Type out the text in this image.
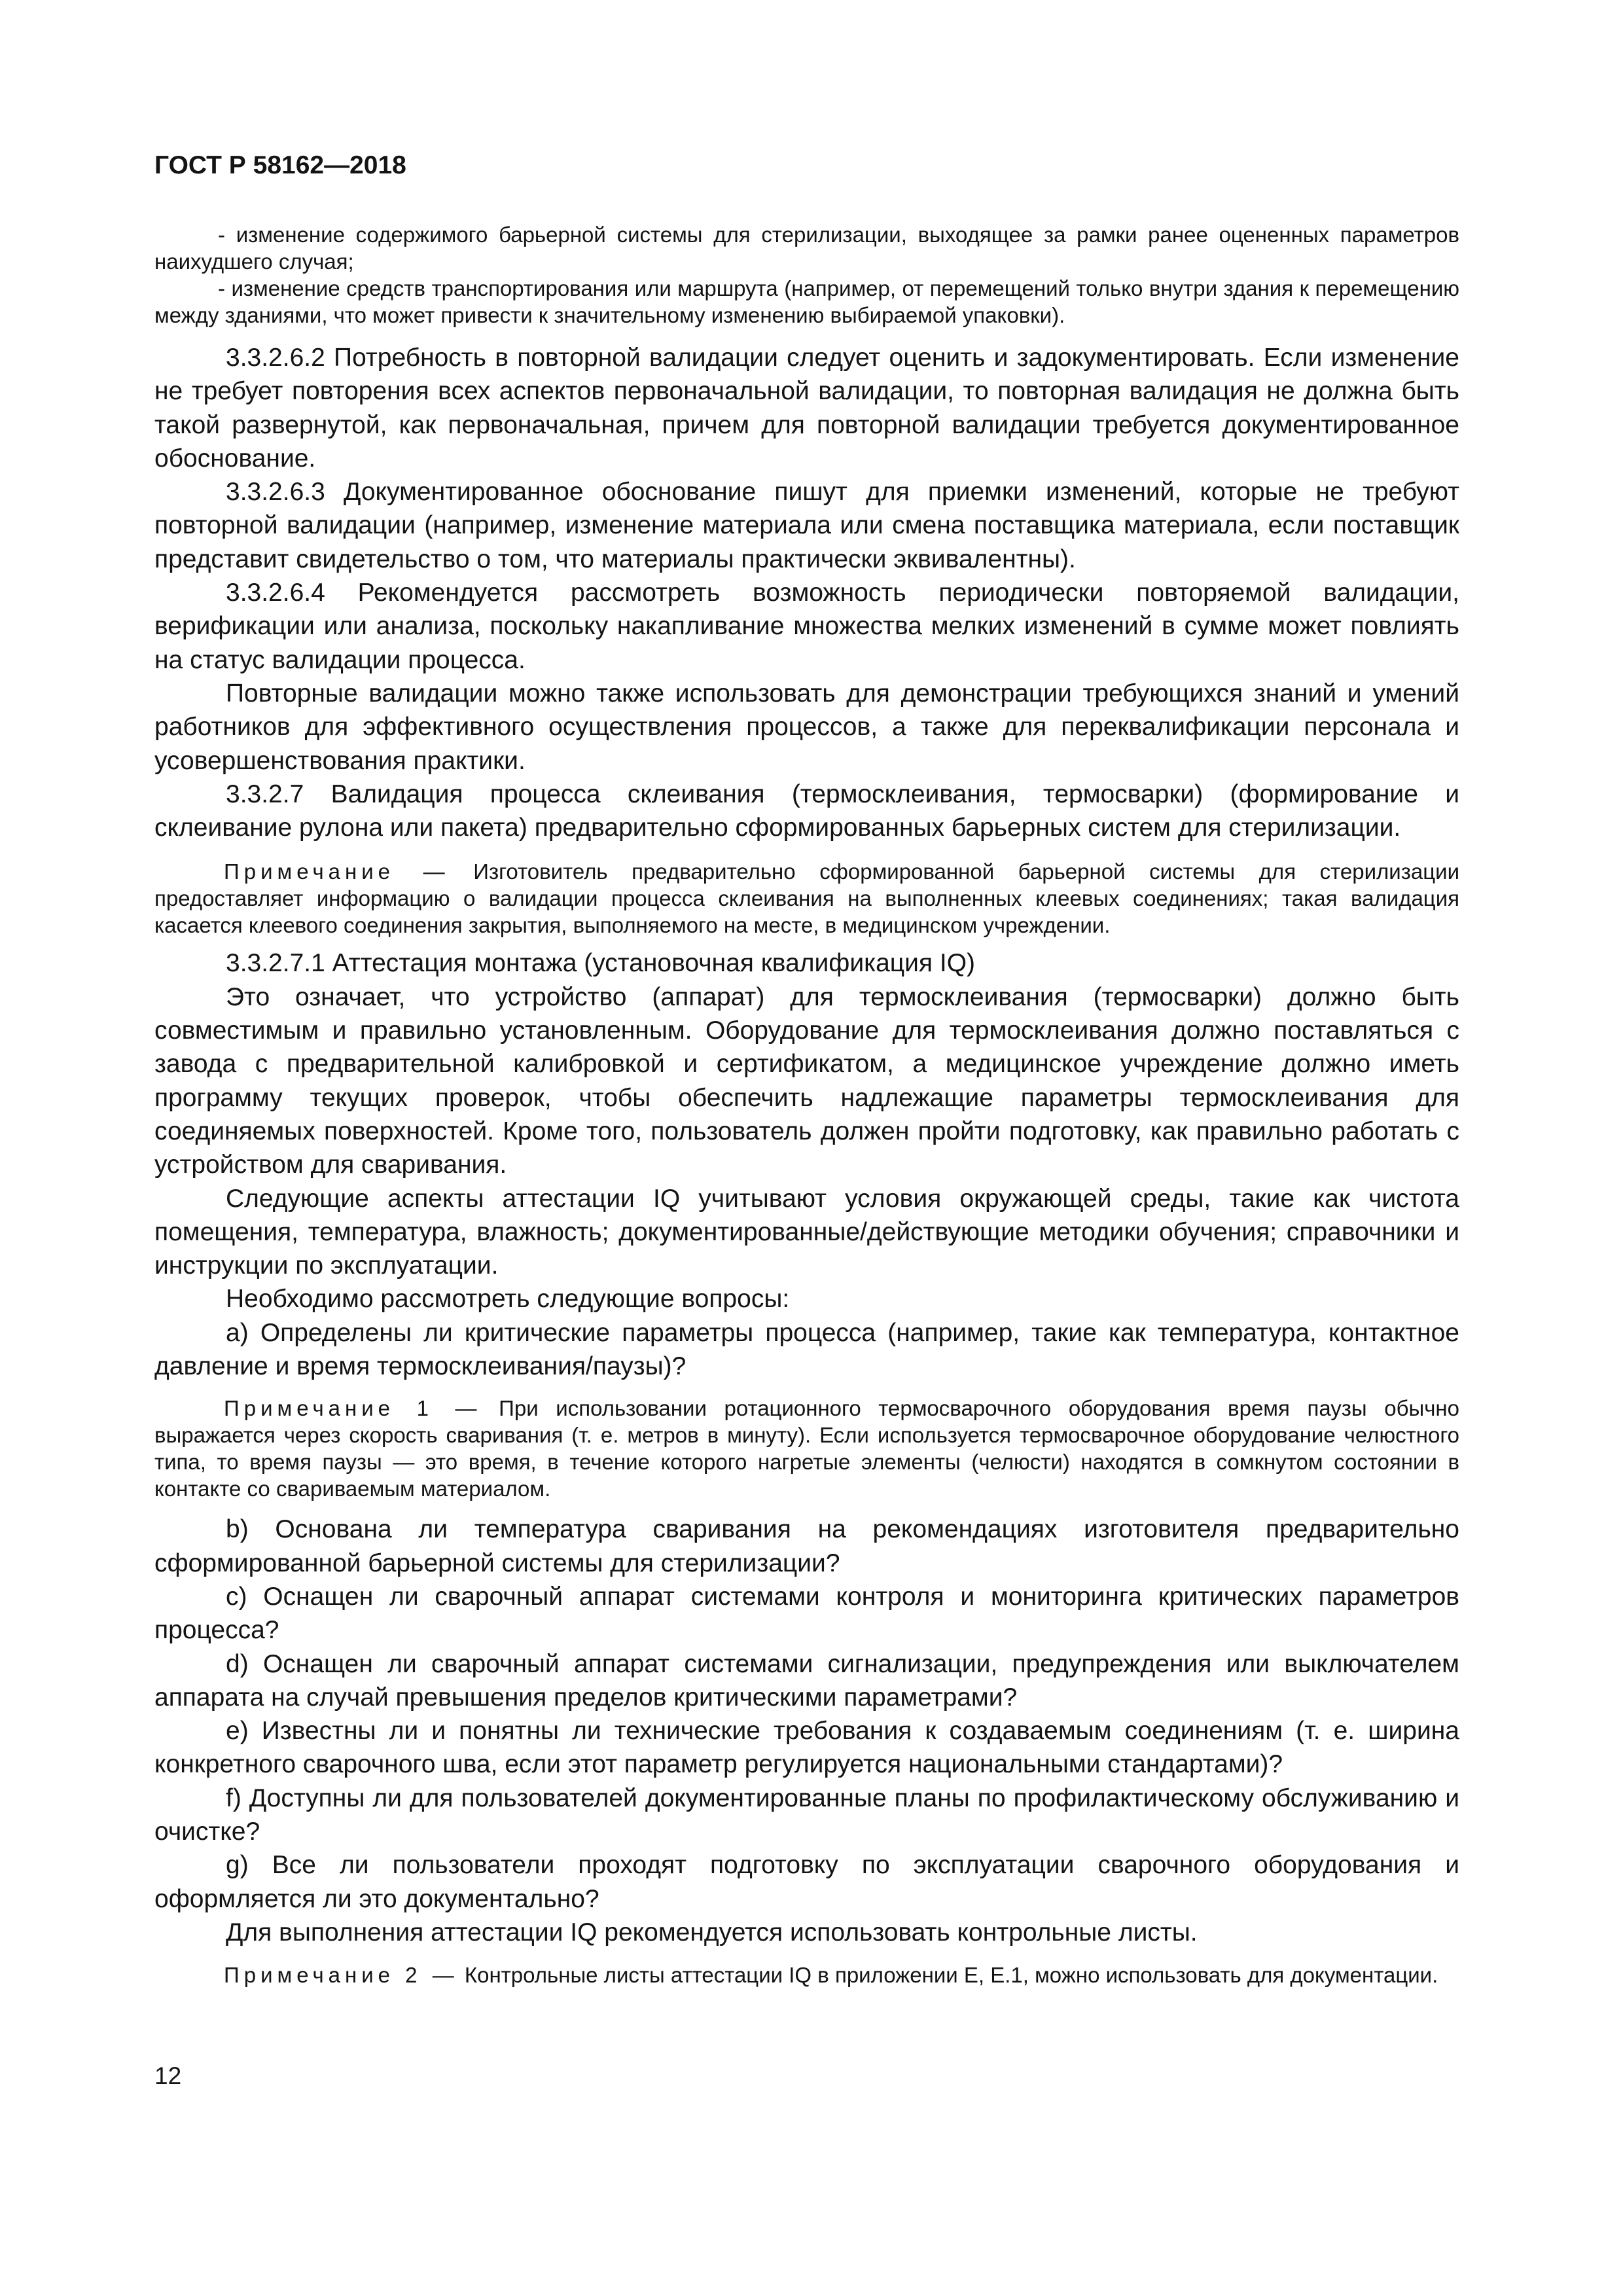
ГОСТ Р 58162—2018

- изменение содержимого барьерной системы для стерилизации, выходящее за рамки ранее оцененных параметров наихудшего случая;

- изменение средств транспортирования или маршрута (например, от перемещений только внутри здания к перемещению между зданиями, что может привести к значительному изменению выбираемой упаковки).

3.3.2.6.2 Потребность в повторной валидации следует оценить и задокументировать. Если изменение не требует повторения всех аспектов первоначальной валидации, то повторная валидация не должна быть такой развернутой, как первоначальная, причем для повторной валидации требуется документированное обоснование.

3.3.2.6.3 Документированное обоснование пишут для приемки изменений, которые не требуют повторной валидации (например, изменение материала или смена поставщика материала, если поставщик представит свидетельство о том, что материалы практически эквивалентны).

3.3.2.6.4 Рекомендуется рассмотреть возможность периодически повторяемой валидации, верификации или анализа, поскольку накапливание множества мелких изменений в сумме может повлиять на статус валидации процесса.

Повторные валидации можно также использовать для демонстрации требующихся знаний и умений работников для эффективного осуществления процессов, а также для переквалификации персонала и усовершенствования практики.

3.3.2.7 Валидация процесса склеивания (термосклеивания, термосварки) (формирование и склеивание рулона или пакета) предварительно сформированных барьерных систем для стерилизации.

Примечание — Изготовитель предварительно сформированной барьерной системы для стерилизации предоставляет информацию о валидации процесса склеивания на выполненных клеевых соединениях; такая валидация касается клеевого соединения закрытия, выполняемого на месте, в медицинском учреждении.

3.3.2.7.1 Аттестация монтажа (установочная квалификация IQ)

Это означает, что устройство (аппарат) для термосклеивания (термосварки) должно быть совместимым и правильно установленным. Оборудование для термосклеивания должно поставляться с завода с предварительной калибровкой и сертификатом, а медицинское учреждение должно иметь программу текущих проверок, чтобы обеспечить надлежащие параметры термосклеивания для соединяемых поверхностей. Кроме того, пользователь должен пройти подготовку, как правильно работать с устройством для сваривания.

Следующие аспекты аттестации IQ учитывают условия окружающей среды, такие как чистота помещения, температура, влажность; документированные/действующие методики обучения; справочники и инструкции по эксплуатации.

Необходимо рассмотреть следующие вопросы:

a) Определены ли критические параметры процесса (например, такие как температура, контактное давление и время термосклеивания/паузы)?

Примечание 1 — При использовании ротационного термосварочного оборудования время паузы обычно выражается через скорость сваривания (т. е. метров в минуту). Если используется термосварочное оборудование челюстного типа, то время паузы — это время, в течение которого нагретые элементы (челюсти) находятся в сомкнутом состоянии в контакте со свариваемым материалом.

b) Основана ли температура сваривания на рекомендациях изготовителя предварительно сформированной барьерной системы для стерилизации?

c) Оснащен ли сварочный аппарат системами контроля и мониторинга критических параметров процесса?

d) Оснащен ли сварочный аппарат системами сигнализации, предупреждения или выключателем аппарата на случай превышения пределов критическими параметрами?

e) Известны ли и понятны ли технические требования к создаваемым соединениям (т. е. ширина конкретного сварочного шва, если этот параметр регулируется национальными стандартами)?

f) Доступны ли для пользователей документированные планы по профилактическому обслуживанию и очистке?

g) Все ли пользователи проходят подготовку по эксплуатации сварочного оборудования и оформляется ли это документально?

Для выполнения аттестации IQ рекомендуется использовать контрольные листы.

Примечание 2 — Контрольные листы аттестации IQ в приложении Е, Е.1, можно использовать для документации.

12
